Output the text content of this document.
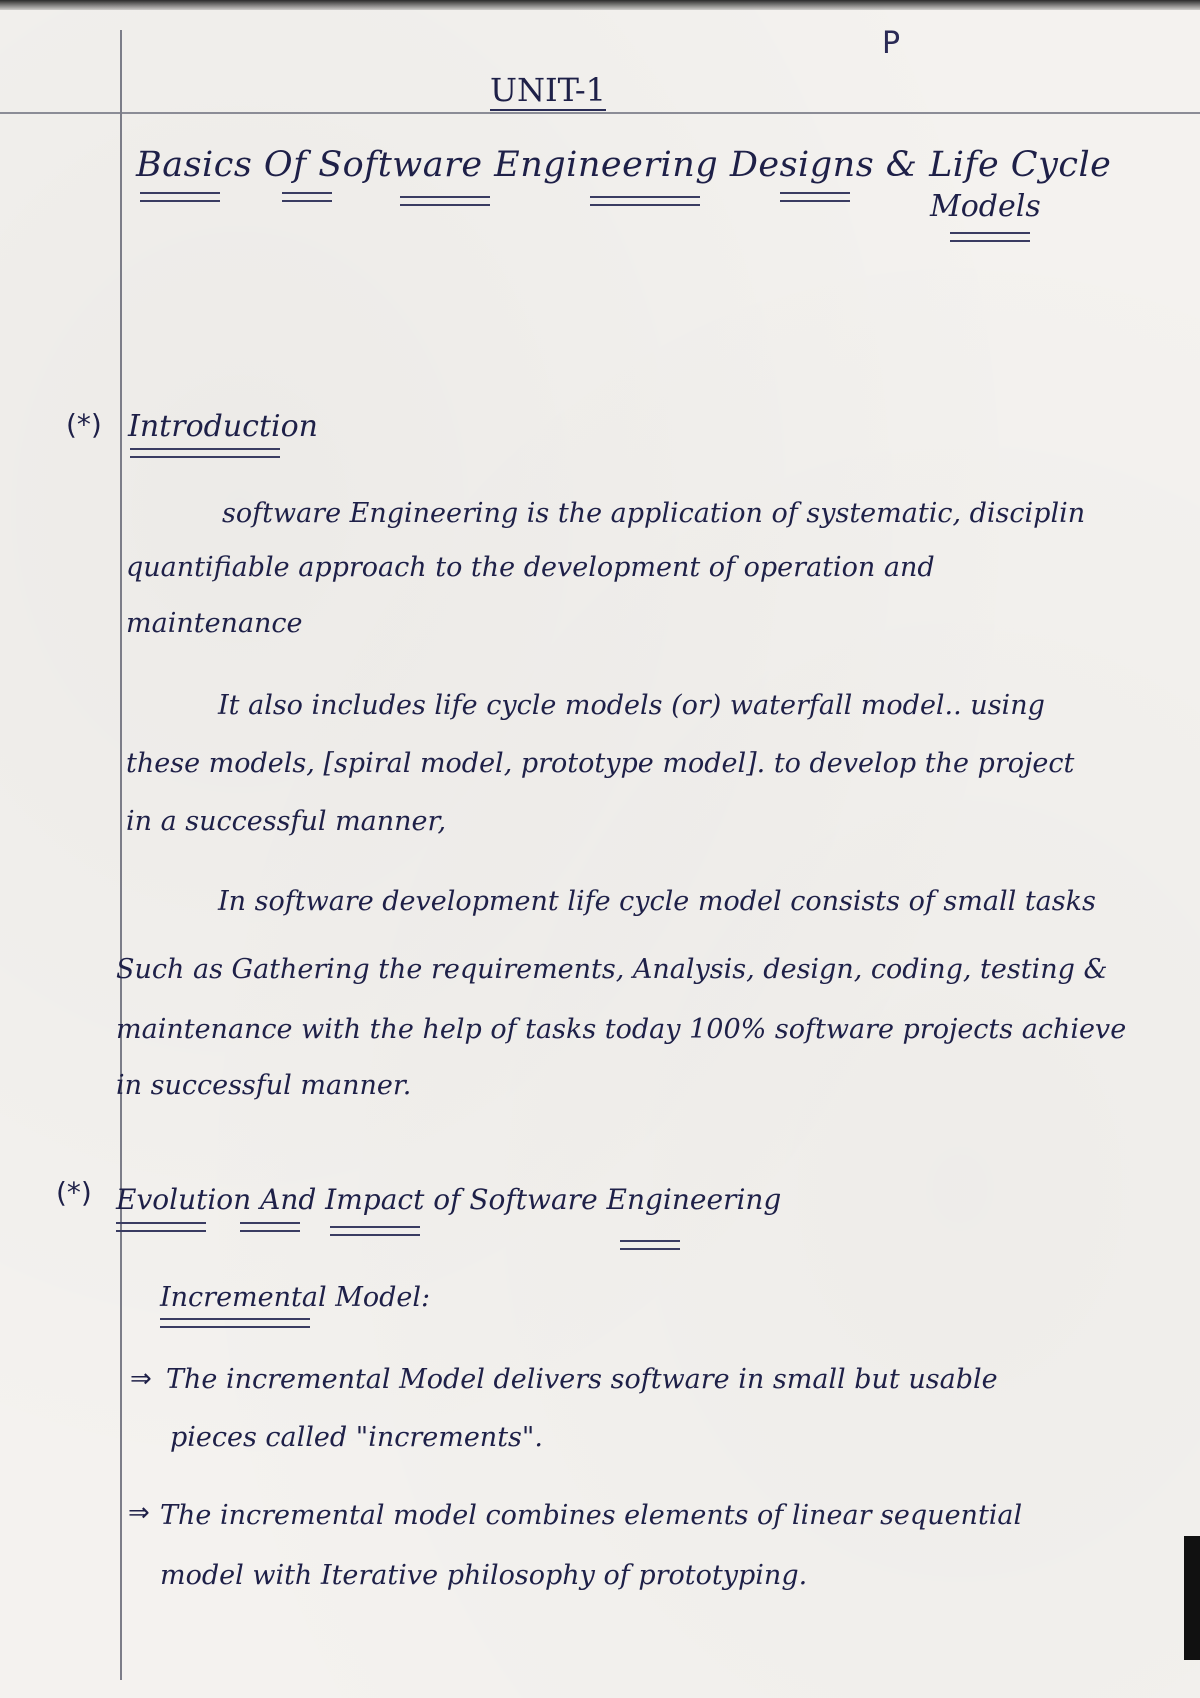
P
UNIT-1
Basics Of Software Engineering Designs & Life Cycle
Models
(*) Introduction
software Engineering is the application of systematic, disciplin
quantifiable approach to the development of operation and
maintenance
It also includes life cycle models (or) waterfall model.. using
these models, [spiral model, prototype model]. to develop the project
in a successful manner,
In software development life cycle model consists of small tasks
Such as Gathering the requirements, Analysis, design, coding, testing &
maintenance with the help of tasks today 100% software projects achieve
in successful manner.
(*) Evolution And Impact of Software Engineering
Incremental Model:
⇒ The incremental Model delivers software in small but usable
pieces called "increments".
⇒ The incremental model combines elements of linear sequential
model with Iterative philosophy of prototyping.
